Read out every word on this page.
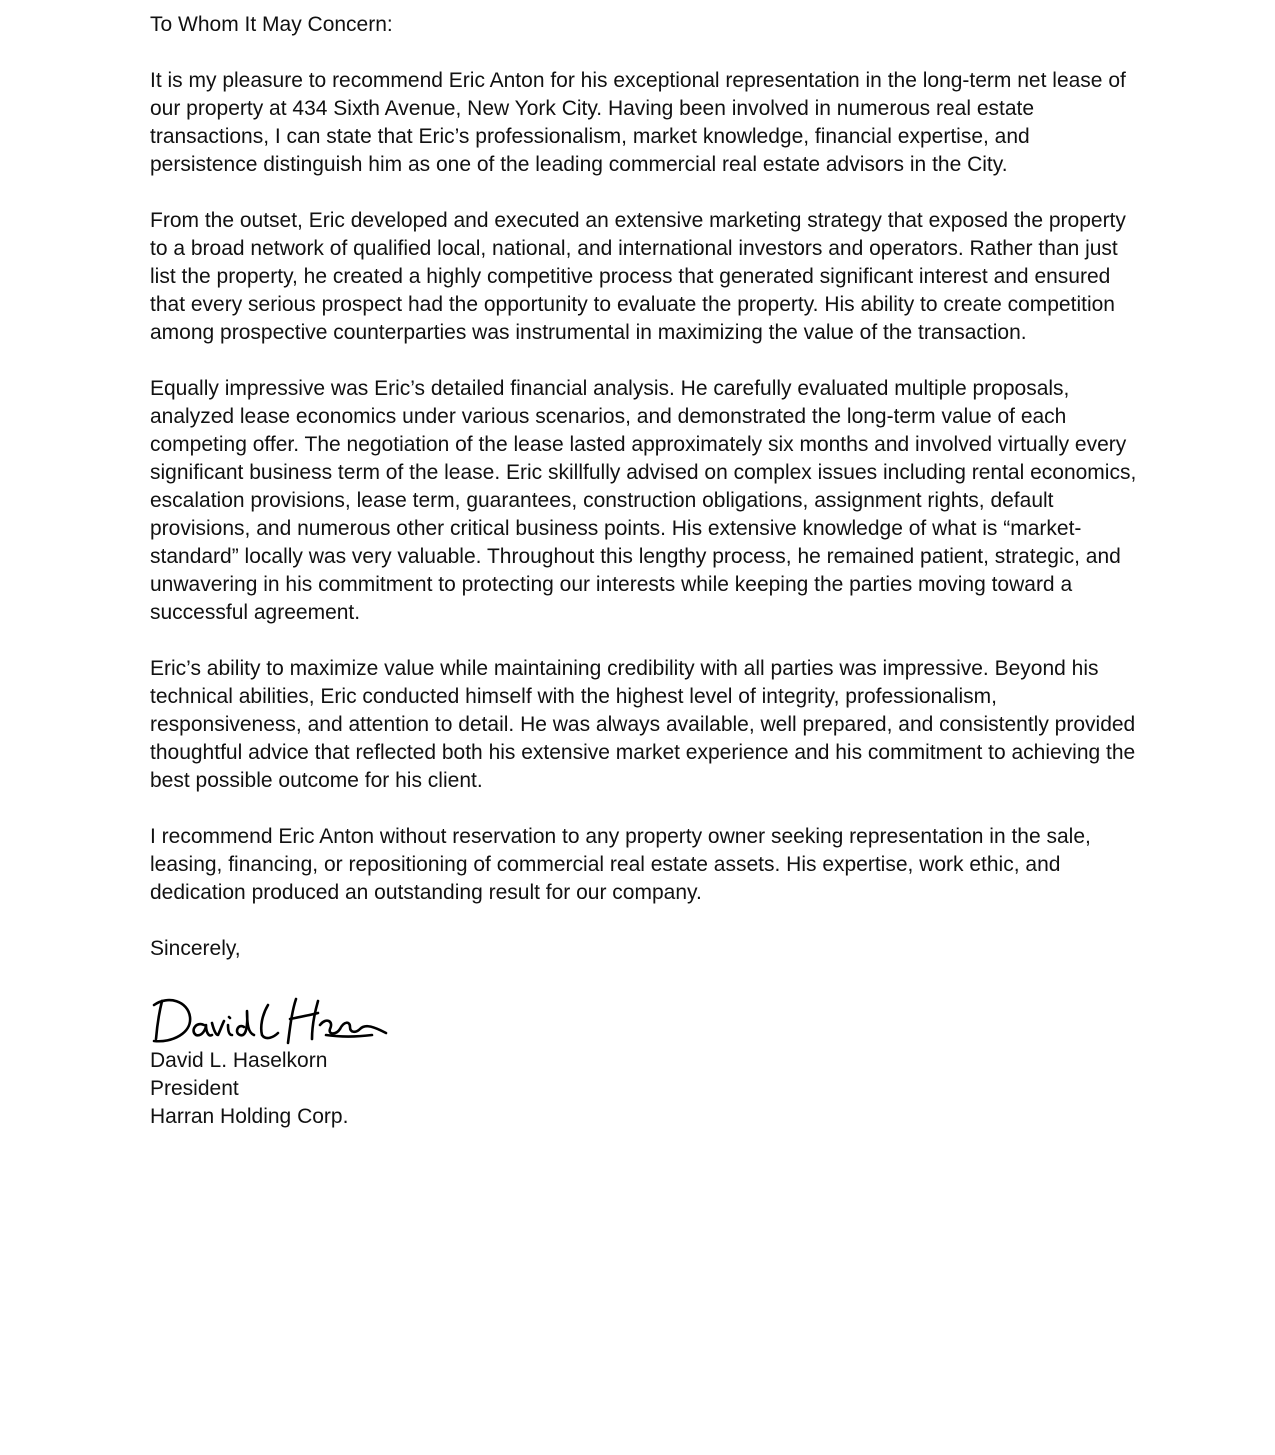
To Whom It May Concern:

It is my pleasure to recommend Eric Anton for his exceptional representation in the long-term net lease of our property at 434 Sixth Avenue, New York City. Having been involved in numerous real estate transactions, I can state that Eric’s professionalism, market knowledge, financial expertise, and persistence distinguish him as one of the leading commercial real estate advisors in the City.

From the outset, Eric developed and executed an extensive marketing strategy that exposed the property to a broad network of qualified local, national, and international investors and operators. Rather than just list the property, he created a highly competitive process that generated significant interest and ensured that every serious prospect had the opportunity to evaluate the property. His ability to create competition among prospective counterparties was instrumental in maximizing the value of the transaction.

Equally impressive was Eric’s detailed financial analysis. He carefully evaluated multiple proposals, analyzed lease economics under various scenarios, and demonstrated the long-term value of each competing offer. The negotiation of the lease lasted approximately six months and involved virtually every significant business term of the lease. Eric skillfully advised on complex issues including rental economics, escalation provisions, lease term, guarantees, construction obligations, assignment rights, default provisions, and numerous other critical business points. His extensive knowledge of what is “market-standard” locally was very valuable. Throughout this lengthy process, he remained patient, strategic, and unwavering in his commitment to protecting our interests while keeping the parties moving toward a successful agreement.

Eric’s ability to maximize value while maintaining credibility with all parties was impressive. Beyond his technical abilities, Eric conducted himself with the highest level of integrity, professionalism, responsiveness, and attention to detail. He was always available, well prepared, and consistently provided thoughtful advice that reflected both his extensive market experience and his commitment to achieving the best possible outcome for his client.

I recommend Eric Anton without reservation to any property owner seeking representation in the sale, leasing, financing, or repositioning of commercial real estate assets. His expertise, work ethic, and dedication produced an outstanding result for our company.

Sincerely,

David L. Haselkorn
President
Harran Holding Corp.
